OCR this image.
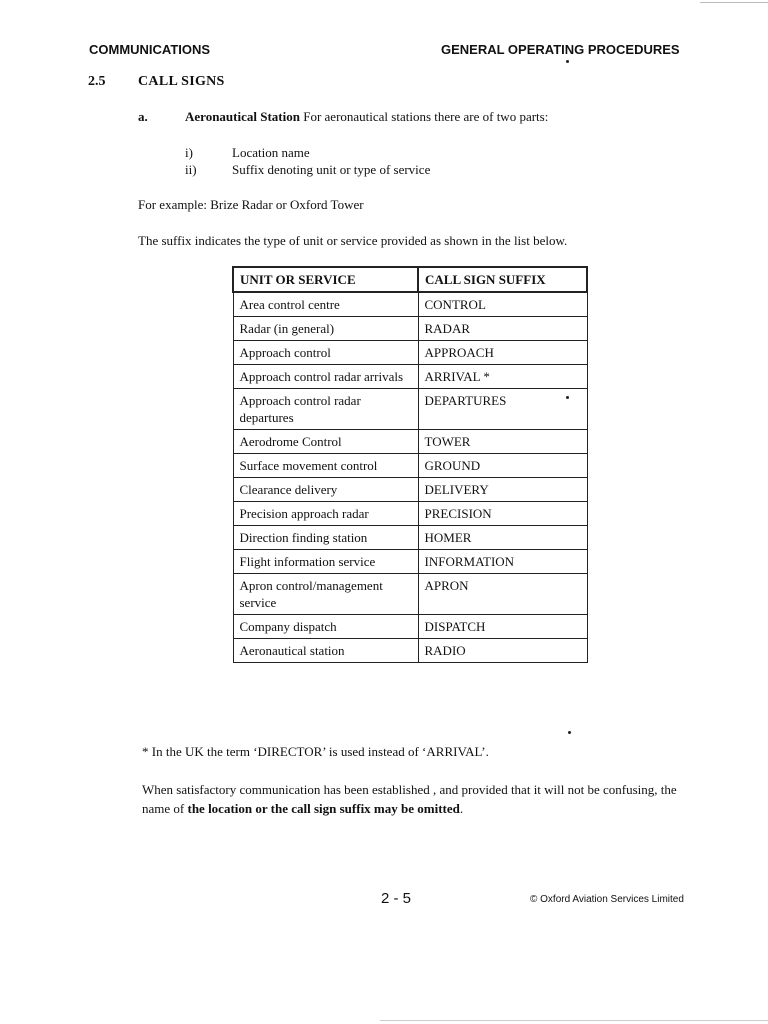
COMMUNICATIONS	GENERAL OPERATING PROCEDURES
2.5 CALL SIGNS
a.	Aeronautical Station For aeronautical stations there are of two parts:
i)	Location name
ii)	Suffix denoting unit or type of service
For example: Brize Radar or Oxford Tower
The suffix indicates the type of unit or service provided as shown in the list below.
UNIT OR SERVICE	CALL SIGN SUFFIX
Area control centre	CONTROL
Radar (in general)	RADAR
Approach control	APPROACH
Approach control radar arrivals	ARRIVAL *
Approach control radar departures	DEPARTURES
Aerodrome Control	TOWER
Surface movement control	GROUND
Clearance delivery	DELIVERY
Precision approach radar	PRECISION
Direction finding station	HOMER
Flight information service	INFORMATION
Apron control/management service	APRON
Company dispatch	DISPATCH
Aeronautical station	RADIO
* In the UK the term ‘DIRECTOR’ is used instead of ‘ARRIVAL’.
When satisfactory communication has been established , and provided that it will not be confusing, the name of the location or the call sign suffix may be omitted.
2 - 5	© Oxford Aviation Services Limited
